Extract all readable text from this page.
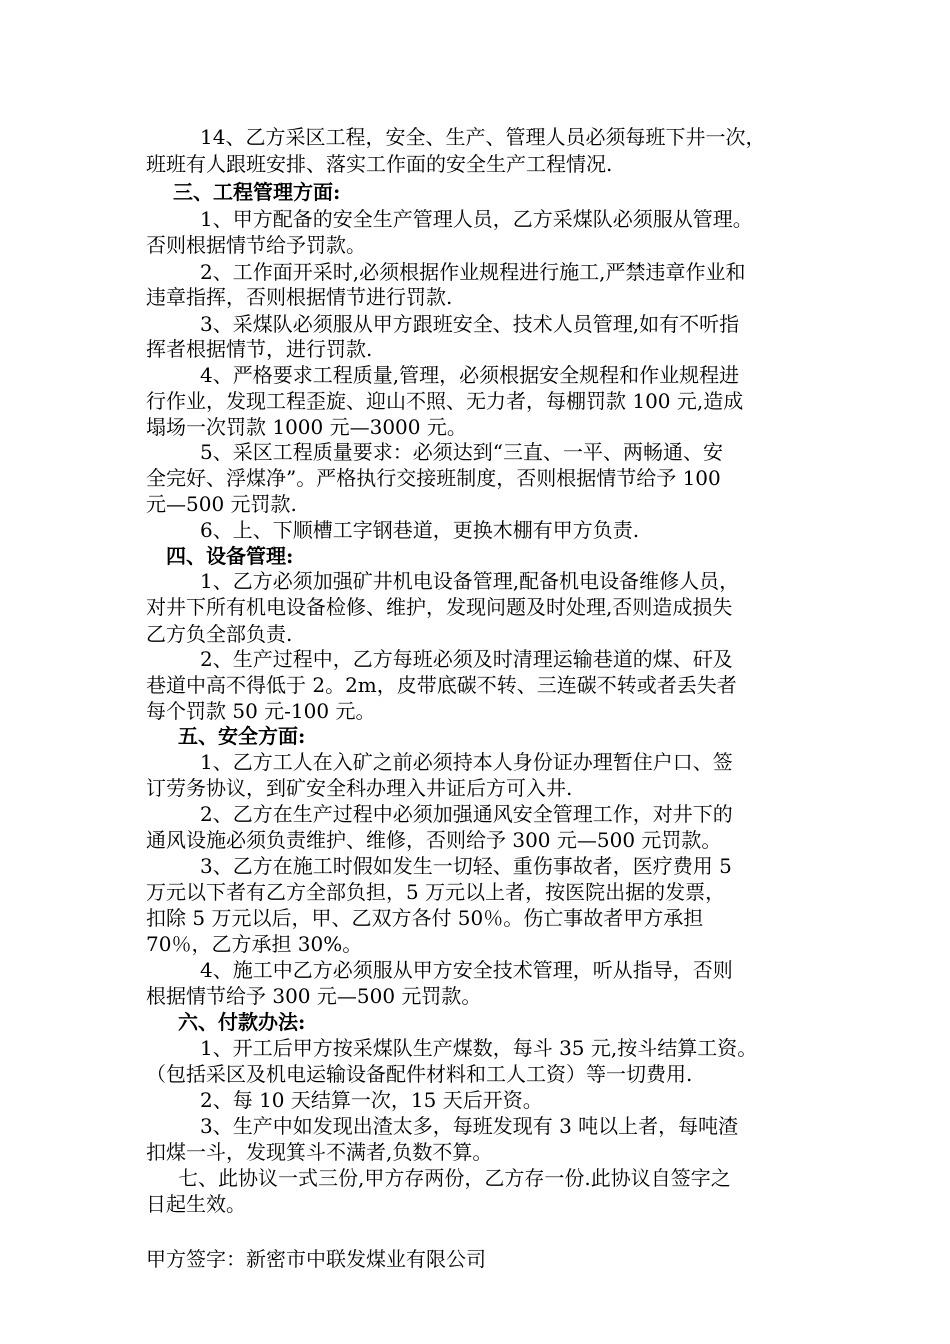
14、乙方采区工程，安全、生产、管理人员必须每班下井一次，
班班有人跟班安排、落实工作面的安全生产工程情况.
三、工程管理方面:
1、甲方配备的安全生产管理人员，乙方采煤队必须服从管理。
否则根据情节给予罚款。
2、工作面开采时,必须根据作业规程进行施工,严禁违章作业和
违章指挥，否则根据情节进行罚款.
3、采煤队必须服从甲方跟班安全、技术人员管理,如有不听指
挥者根据情节，进行罚款.
4、严格要求工程质量,管理，必须根据安全规程和作业规程进
行作业，发现工程歪旋、迎山不照、无力者，每棚罚款 100 元,造成
塌场一次罚款 1000 元—3000 元。
5、采区工程质量要求：必须达到“三直、一平、两畅通、安
全完好、浮煤净”。严格执行交接班制度，否则根据情节给予 100
元—500 元罚款.
6、上、下顺槽工字钢巷道，更换木棚有甲方负责.
四、设备管理:
1、乙方必须加强矿井机电设备管理,配备机电设备维修人员，
对井下所有机电设备检修、维护，发现问题及时处理,否则造成损失
乙方负全部负责.
2、生产过程中，乙方每班必须及时清理运输巷道的煤、矸及
巷道中高不得低于 2。2m，皮带底碳不转、三连碳不转或者丢失者
每个罚款 50 元-100 元。
五、安全方面:
1、乙方工人在入矿之前必须持本人身份证办理暂住户口、签
订劳务协议，到矿安全科办理入井证后方可入井.
2、乙方在生产过程中必须加强通风安全管理工作，对井下的
通风设施必须负责维护、维修，否则给予 300 元—500 元罚款。
3、乙方在施工时假如发生一切轻、重伤事故者，医疗费用 5
万元以下者有乙方全部负担，5 万元以上者，按医院出据的发票，
扣除 5 万元以后，甲、乙双方各付 50％。伤亡事故者甲方承担
70％，乙方承担 30%。
4、施工中乙方必须服从甲方安全技术管理，听从指导，否则
根据情节给予 300 元—500 元罚款。
六、付款办法:
1、开工后甲方按采煤队生产煤数，每斗 35 元,按斗结算工资。
（包括采区及机电运输设备配件材料和工人工资）等一切费用.
2、每 10 天结算一次，15 天后开资。
3、生产中如发现出渣太多，每班发现有 3 吨以上者，每吨渣
扣煤一斗，发现箕斗不满者,负数不算。
七、此协议一式三份,甲方存两份，乙方存一份.此协议自签字之
日起生效。
甲方签字：新密市中联发煤业有限公司
